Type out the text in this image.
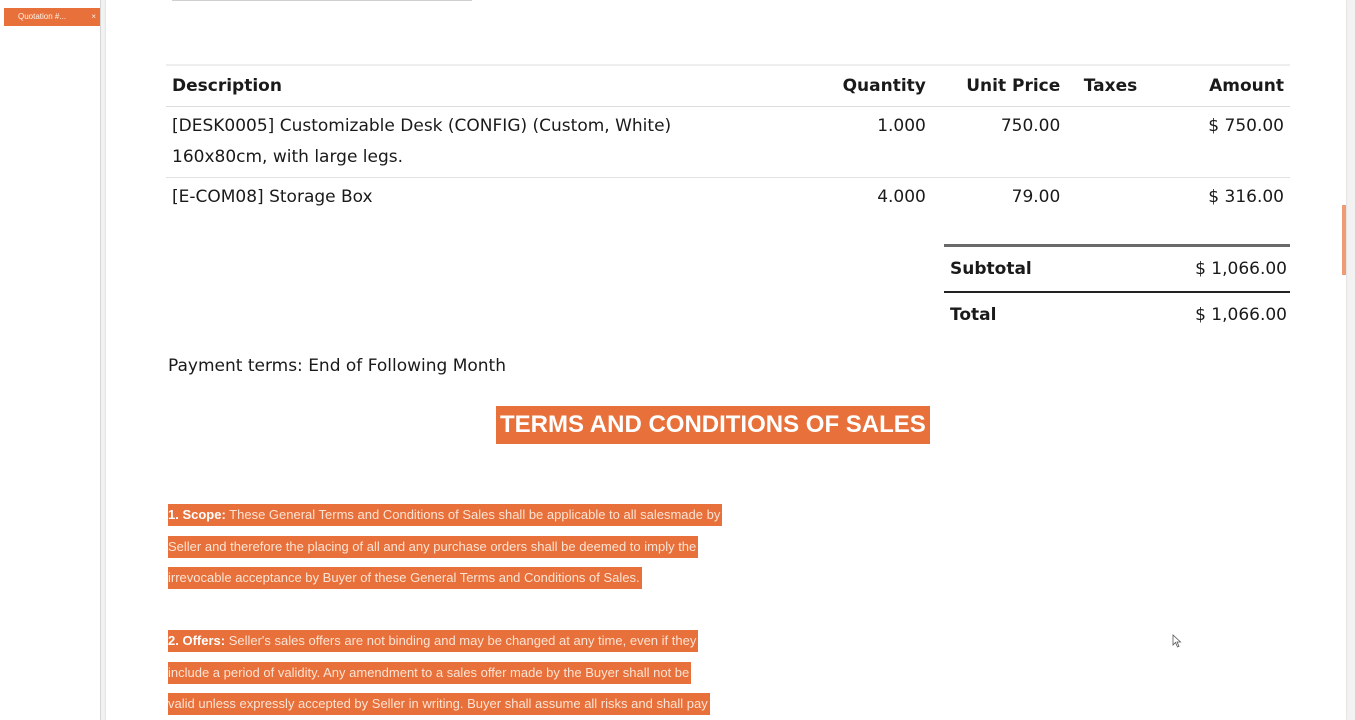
Quotation #...	×
Description	Quantity	Unit Price	Taxes	Amount

[DESK0005] Customizable Desk (CONFIG) (Custom, White)
160x80cm, with large legs.	1.000	750.00		$ 750.00

[E-COM08] Storage Box	4.000	79.00		$ 316.00
Subtotal	$ 1,066.00
Total	$ 1,066.00
Payment terms: End of Following Month
TERMS AND CONDITIONS OF SALES
1. Scope: These General Terms and Conditions of Sales shall be applicable to all salesmade by
Seller and therefore the placing of all and any purchase orders shall be deemed to imply the
irrevocable acceptance by Buyer of these General Terms and Conditions of Sales.
2. Offers: Seller's sales offers are not binding and may be changed at any time, even if they
include a period of validity. Any amendment to a sales offer made by the Buyer shall not be
valid unless expressly accepted by Seller in writing. Buyer shall assume all risks and shall pay
